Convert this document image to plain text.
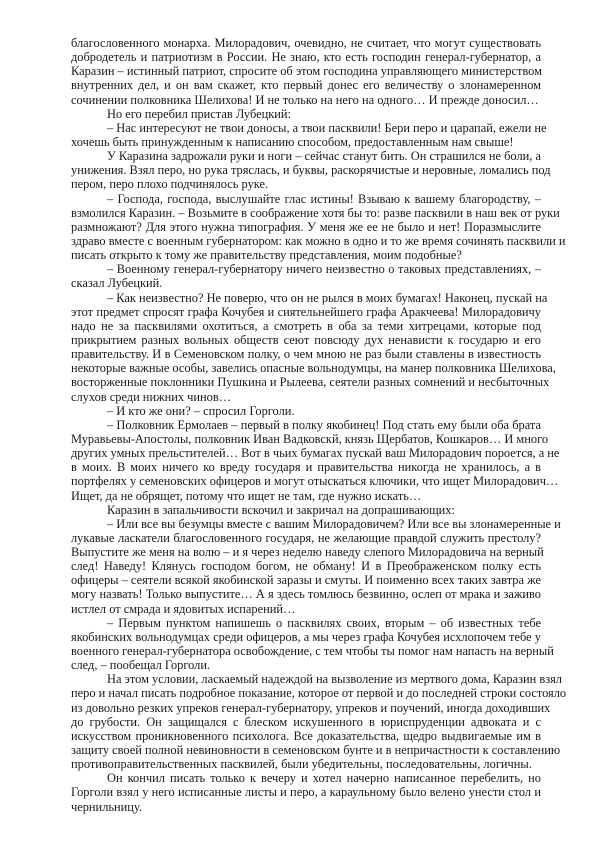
благословенного монарха. Милорадович, очевидно, не считает, что могут существовать
добродетель и патриотизм в России. Не знаю, кто есть господин генерал-губернатор, а
Каразин – истинный патриот, спросите об этом господина управляющего министерством
внутренних дел, и он вам скажет, кто первый донес его величеству о злонамеренном
сочинении полковника Шелихова! И не только на него на одного… И прежде доносил…
Но его перебил пристав Лубецкий:
– Нас интересуют не твои доносы, а твои пасквили! Бери перо и царапай, ежели не
хочешь быть принужденным к написанию способом, предоставленным нам свыше!
У Каразина задрожали руки и ноги – сейчас станут бить. Он страшился не боли, а
унижения. Взял перо, но рука тряслась, и буквы, раскорячистые и неровные, ломались под
пером, перо плохо подчинялось руке.
– Господа, господа, выслушайте глас истины! Взываю к вашему благородству, –
взмолился Каразин. – Возьмите в соображение хотя бы то: разве пасквили в наш век от руки
размножают? Для этого нужна типография. У меня же ее не было и нет! Поразмыслите
здраво вместе с военным губернатором: как можно в одно и то же время сочинять пасквили и
писать открыто к тому же правительству представления, моим подобные?
– Военному генерал-губернатору ничего неизвестно о таковых представлениях, –
сказал Лубецкий.
– Как неизвестно? Не поверю, что он не рылся в моих бумагах! Наконец, пускай на
этот предмет спросят графа Кочубея и сиятельнейшего графа Аракчеева! Милорадовичу
надо не за пасквилями охотиться, а смотреть в оба за теми хитрецами, которые под
прикрытием разных вольных обществ сеют повсюду дух ненависти к государю и его
правительству. И в Семеновском полку, о чем мною не раз были ставлены в известность
некоторые важные особы, завелись опасные вольнодумцы, на манер полковника Шелихова,
восторженные поклонники Пушкина и Рылеева, сеятели разных сомнений и несбыточных
слухов среди нижних чинов…
– И кто же они? – спросил Горголи.
– Полковник Ермолаев – первый в полку якобинец! Под стать ему были оба брата
Муравьевы-Апостолы, полковник Иван Вадковскй, князь Щербатов, Кошкаров… И много
других умных прельстителей… Вот в чьих бумагах пускай ваш Милорадович пороется, а не
в моих. В моих ничего ко вреду государя и правительства никогда не хранилось, а в
портфелях у семеновских офицеров и могут отыскаться ключики, что ищет Милорадович…
Ищет, да не обрящет, потому что ищет не там, где нужно искать…
Каразин в запальчивости вскочил и закричал на допрашивающих:
– Или все вы безумцы вместе с вашим Милорадовичем? Или все вы злонамеренные и
лукавые ласкатели благословенного государя, не желающие правдой служить престолу?
Выпустите же меня на волю – и я через неделю наведу слепого Милорадовича на верный
след! Наведу! Клянусь господом богом, не обману! И в Преображенском полку есть
офицеры – сеятели всякой якобинской заразы и смуты. И поименно всех таких завтра же
могу назвать! Только выпустите… А я здесь томлюсь безвинно, ослеп от мрака и заживо
истлел от смрада и ядовитых испарений…
– Первым пунктом напишешь о пасквилях своих, вторым – об известных тебе
якобинских вольнодумцах среди офицеров, а мы через графа Кочубея исхлопочем тебе у
военного генерал-губернатора освобождение, с тем чтобы ты помог нам напасть на верный
след, – пообещал Горголи.
На этом условии, ласкаемый надеждой на вызволение из мертвого дома, Каразин взял
перо и начал писать подробное показание, которое от первой и до последней строки состояло
из довольно резких упреков генерал-губернатору, упреков и поучений, иногда доходивших
до грубости. Он защищался с блеском искушенного в юриспруденции адвоката и с
искусством проникновенного психолога. Все доказательства, щедро выдвигаемые им в
защиту своей полной невиновности в семеновском бунте и в непричастности к составлению
противоправительственных пасквилей, были убедительны, последовательны, логичны.
Он кончил писать только к вечеру и хотел начерно написанное перебелить, но
Горголи взял у него исписанные листы и перо, а караульному было велено унести стол и
чернильницу.
